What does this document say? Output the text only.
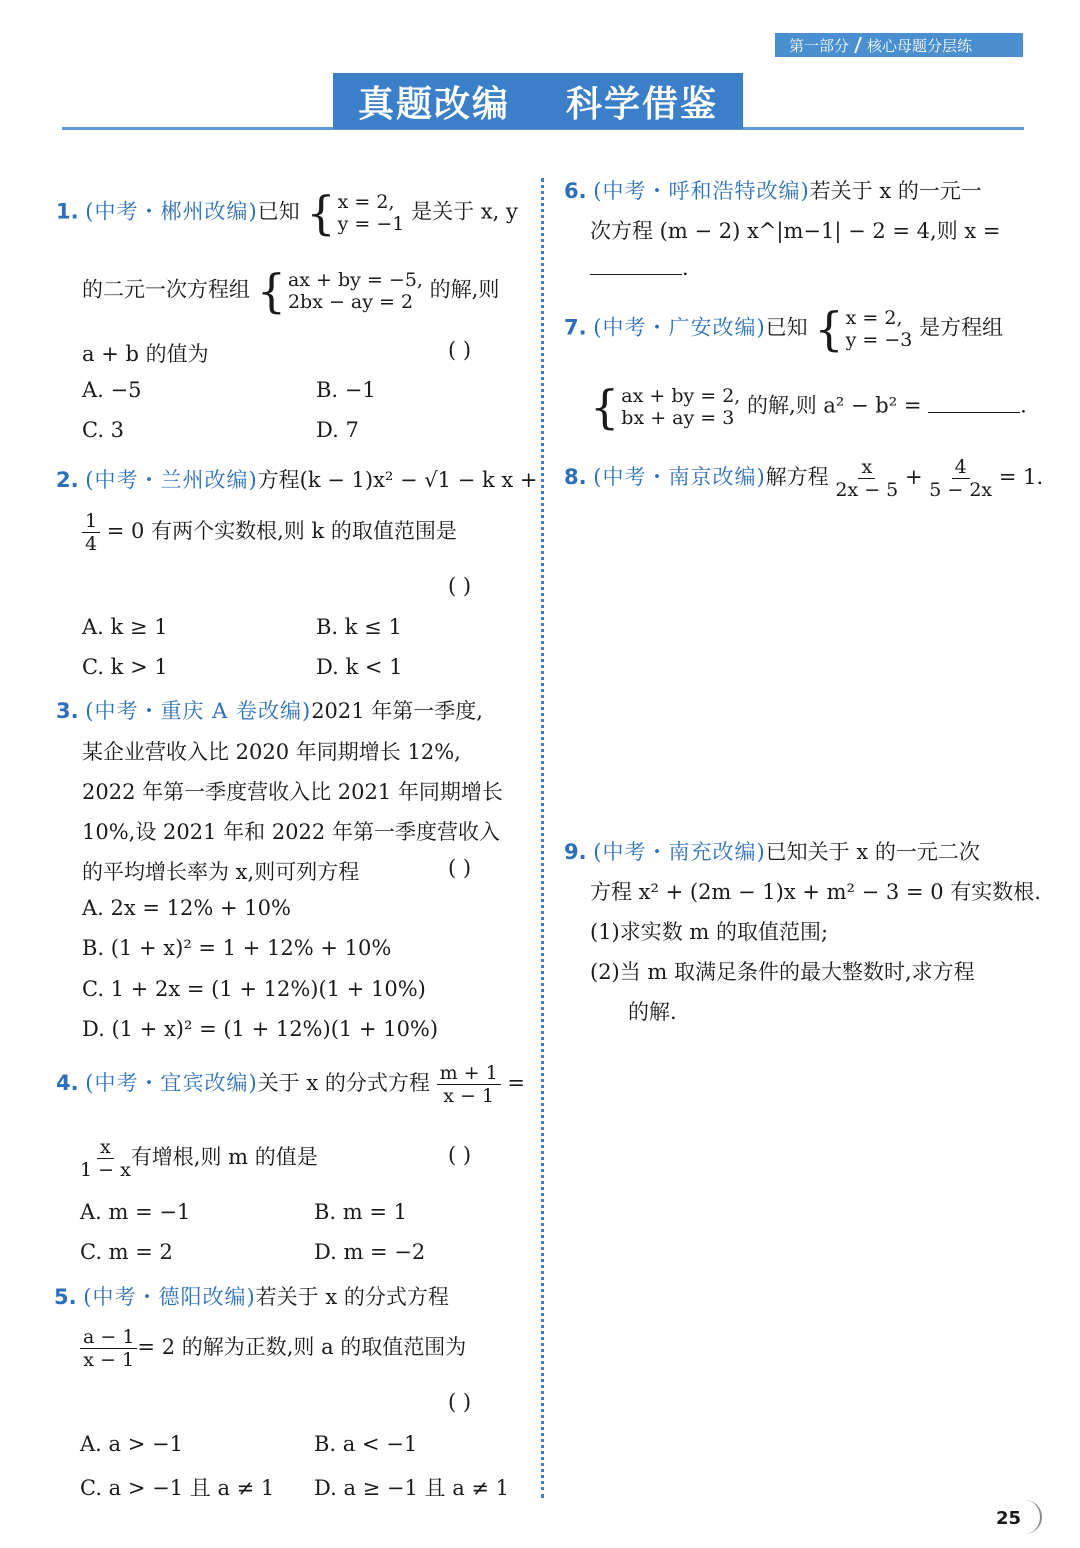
第一部分 核心母题分层练
真题改编 科学借鉴
1. (中考・郴州改编)已知 { x = 2,
y = −1
是关于 x, y
的二元一次方程组 { ax + by = −5,
2bx − ay = 2
的解,则
a + b 的值为	( )
A. −5	B. −1
C. 3	D. 7
2. (中考・兰州改编)方程(k − 1)x² − √1 − k x +
$\frac{1}{4} = 0$ 有两个实数根,则 k 的取值范围是
( )
A. k ≥ 1	B. k ≤ 1
C. k > 1	D. k < 1
3. (中考・重庆 A 卷改编)2021 年第一季度,
某企业营收入比 2020 年同期增长 12%,
2022 年第一季度营收入比 2021 年同期增长
10%,设 2021 年和 2022 年第一季度营收入
的平均增长率为 x,则可列方程	( )
A. 2x = 12% + 10%
B. (1 + x)² = 1 + 12% + 10%
C. 1 + 2x = (1 + 12%)(1 + 10%)
D. (1 + x)² = (1 + 12%)(1 + 10%)
4. (中考・宜宾改编)关于 x 的分式方程 $\frac{m + 1}{x - 1}$ =
$\frac{x}{1 - x}$ 有增根,则 m 的值是	( )
A. m = −1	B. m = 1
C. m = 2	D. m = −2
5. (中考・德阳改编)若关于 x 的分式方程
$\frac{a - 1}{x - 1} = 2$ 的解为正数,则 a 的取值范围为
( )
A. a > −1	B. a < −1
C. a > −1 且 a ≠ 1 D. a ≥ −1 且 a ≠ 1
6. (中考・呼和浩特改编)若关于 x 的一元一
次方程 (m − 2) x^|m−1| − 2 = 4,则 x =
.
7. (中考・广安改编)已知 { x = 2,
y = −3
是方程组
{ ax + by = 2,
bx + ay = 3
的解,则 a² − b² =	.
8. (中考・南京改编)解方程 $\frac{x}{2x - 5} + \frac{4}{5 - 2x} = 1$.
9. (中考・南充改编)已知关于 x 的一元二次
方程 x² + (2m − 1)x + m² − 3 = 0 有实数根.
(1)求实数 m 的取值范围;
(2)当 m 取满足条件的最大整数时,求方程
的解.
25
